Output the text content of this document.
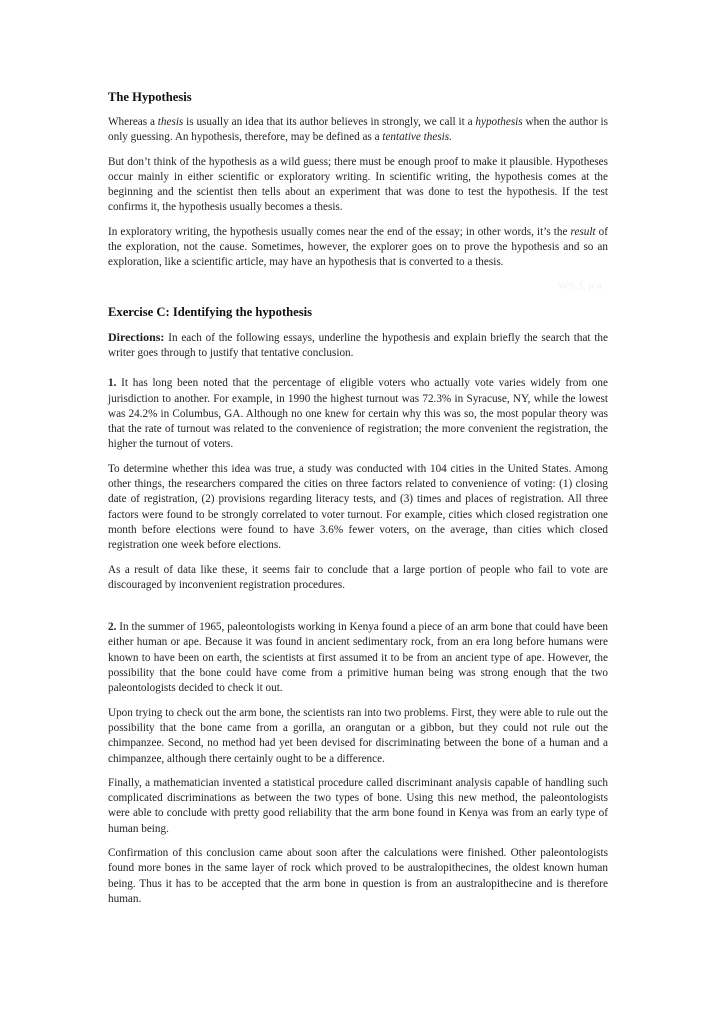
WS 3, p.4
The Hypothesis

Whereas a thesis is usually an idea that its author believes in strongly, we call it a hypothesis when the author is only guessing. An hypothesis, therefore, may be defined as a tentative thesis.

But don’t think of the hypothesis as a wild guess; there must be enough proof to make it plausible. Hypotheses occur mainly in either scientific or exploratory writing. In scientific writing, the hypothesis comes at the beginning and the scientist then tells about an experiment that was done to test the hypothesis. If the test confirms it, the hypothesis usually becomes a thesis.

In exploratory writing, the hypothesis usually comes near the end of the essay; in other words, it’s the result of the exploration, not the cause. Sometimes, however, the explorer goes on to prove the hypothesis and so an exploration, like a scientific article, may have an hypothesis that is converted to a thesis.

Exercise C: Identifying the hypothesis

Directions: In each of the following essays, underline the hypothesis and explain briefly the search that the writer goes through to justify that tentative conclusion.

1. It has long been noted that the percentage of eligible voters who actually vote varies widely from one jurisdiction to another. For example, in 1990 the highest turnout was 72.3% in Syracuse, NY, while the lowest was 24.2% in Columbus, GA. Although no one knew for certain why this was so, the most popular theory was that the rate of turnout was related to the convenience of registration; the more convenient the registration, the higher the turnout of voters.

To determine whether this idea was true, a study was conducted with 104 cities in the United States. Among other things, the researchers compared the cities on three factors related to convenience of voting: (1) closing date of registration, (2) provisions regarding literacy tests, and (3) times and places of registration. All three factors were found to be strongly correlated to voter turnout. For example, cities which closed registration one month before elections were found to have 3.6% fewer voters, on the average, than cities which closed registration one week before elections.

As a result of data like these, it seems fair to conclude that a large portion of people who fail to vote are discouraged by inconvenient registration procedures.

2. In the summer of 1965, paleontologists working in Kenya found a piece of an arm bone that could have been either human or ape. Because it was found in ancient sedimentary rock, from an era long before humans were known to have been on earth, the scientists at first assumed it to be from an ancient type of ape. However, the possibility that the bone could have come from a primitive human being was strong enough that the two paleontologists decided to check it out.

Upon trying to check out the arm bone, the scientists ran into two problems. First, they were able to rule out the possibility that the bone came from a gorilla, an orangutan or a gibbon, but they could not rule out the chimpanzee. Second, no method had yet been devised for discriminating between the bone of a human and a chimpanzee, although there certainly ought to be a difference.

Finally, a mathematician invented a statistical procedure called discriminant analysis capable of handling such complicated discriminations as between the two types of bone. Using this new method, the paleontologists were able to conclude with pretty good reliability that the arm bone found in Kenya was from an early type of human being.

Confirmation of this conclusion came about soon after the calculations were finished. Other paleontologists found more bones in the same layer of rock which proved to be australopithecines, the oldest known human being. Thus it has to be accepted that the arm bone in question is from an australopithecine and is therefore human.
